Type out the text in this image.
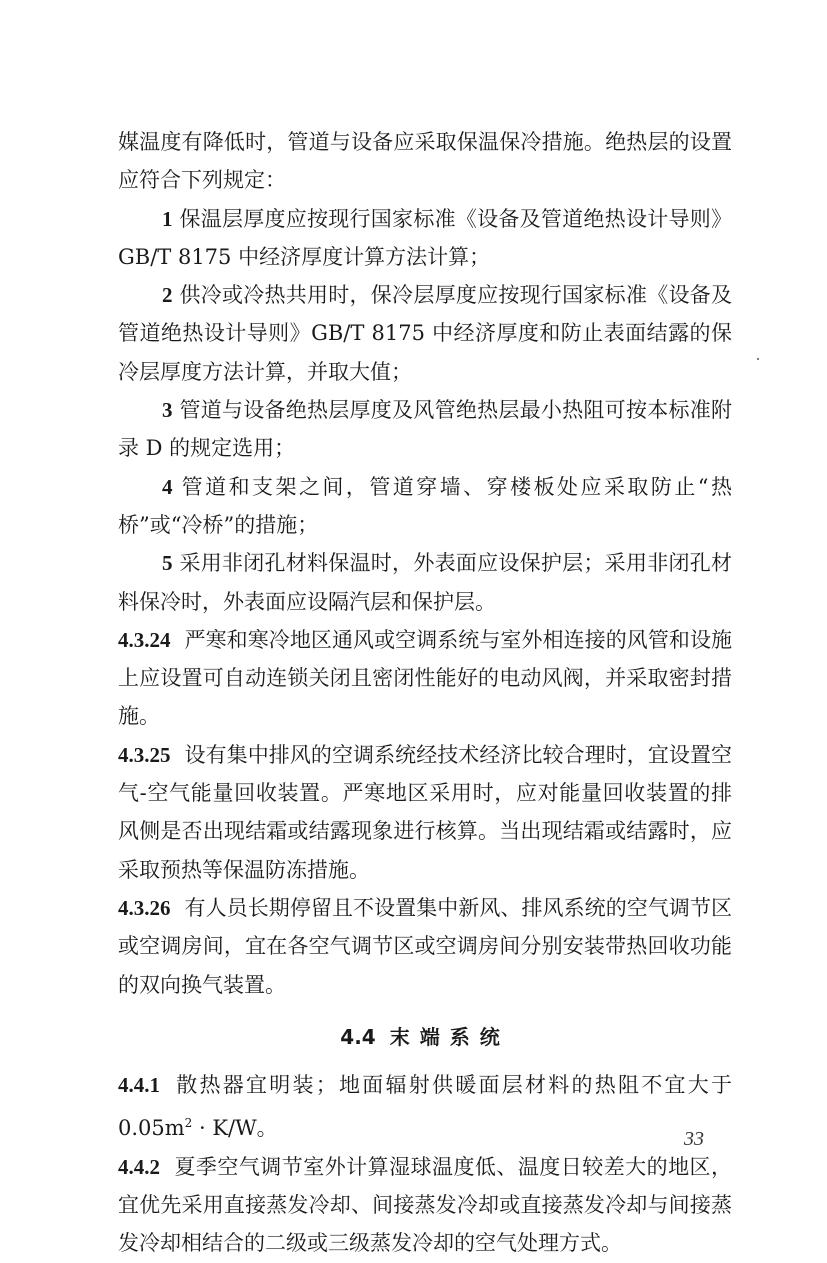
媒温度有降低时，管道与设备应采取保温保冷措施。绝热层的设置应符合下列规定：

1 保温层厚度应按现行国家标准《设备及管道绝热设计导则》GB/T 8175 中经济厚度计算方法计算；

2 供冷或冷热共用时，保冷层厚度应按现行国家标准《设备及管道绝热设计导则》GB/T 8175 中经济厚度和防止表面结露的保冷层厚度方法计算，并取大值；

3 管道与设备绝热层厚度及风管绝热层最小热阻可按本标准附录 D 的规定选用；

4 管道和支架之间，管道穿墙、穿楼板处应采取防止“热桥”或“冷桥”的措施；

5 采用非闭孔材料保温时，外表面应设保护层；采用非闭孔材料保冷时，外表面应设隔汽层和保护层。

4.3.24 严寒和寒冷地区通风或空调系统与室外相连接的风管和设施上应设置可自动连锁关闭且密闭性能好的电动风阀，并采取密封措施。

4.3.25 设有集中排风的空调系统经技术经济比较合理时，宜设置空气-空气能量回收装置。严寒地区采用时，应对能量回收装置的排风侧是否出现结霜或结露现象进行核算。当出现结霜或结露时，应采取预热等保温防冻措施。

4.3.26 有人员长期停留且不设置集中新风、排风系统的空气调节区或空调房间，宜在各空气调节区或空调房间分别安装带热回收功能的双向换气装置。

4.4 末端系统

4.4.1 散热器宜明装；地面辐射供暖面层材料的热阻不宜大于 $0.05m^2 \cdot K/W$。

4.4.2 夏季空气调节室外计算湿球温度低、温度日较差大的地区，宜优先采用直接蒸发冷却、间接蒸发冷却或直接蒸发冷却与间接蒸发冷却相结合的二级或三级蒸发冷却的空气处理方式。

33
